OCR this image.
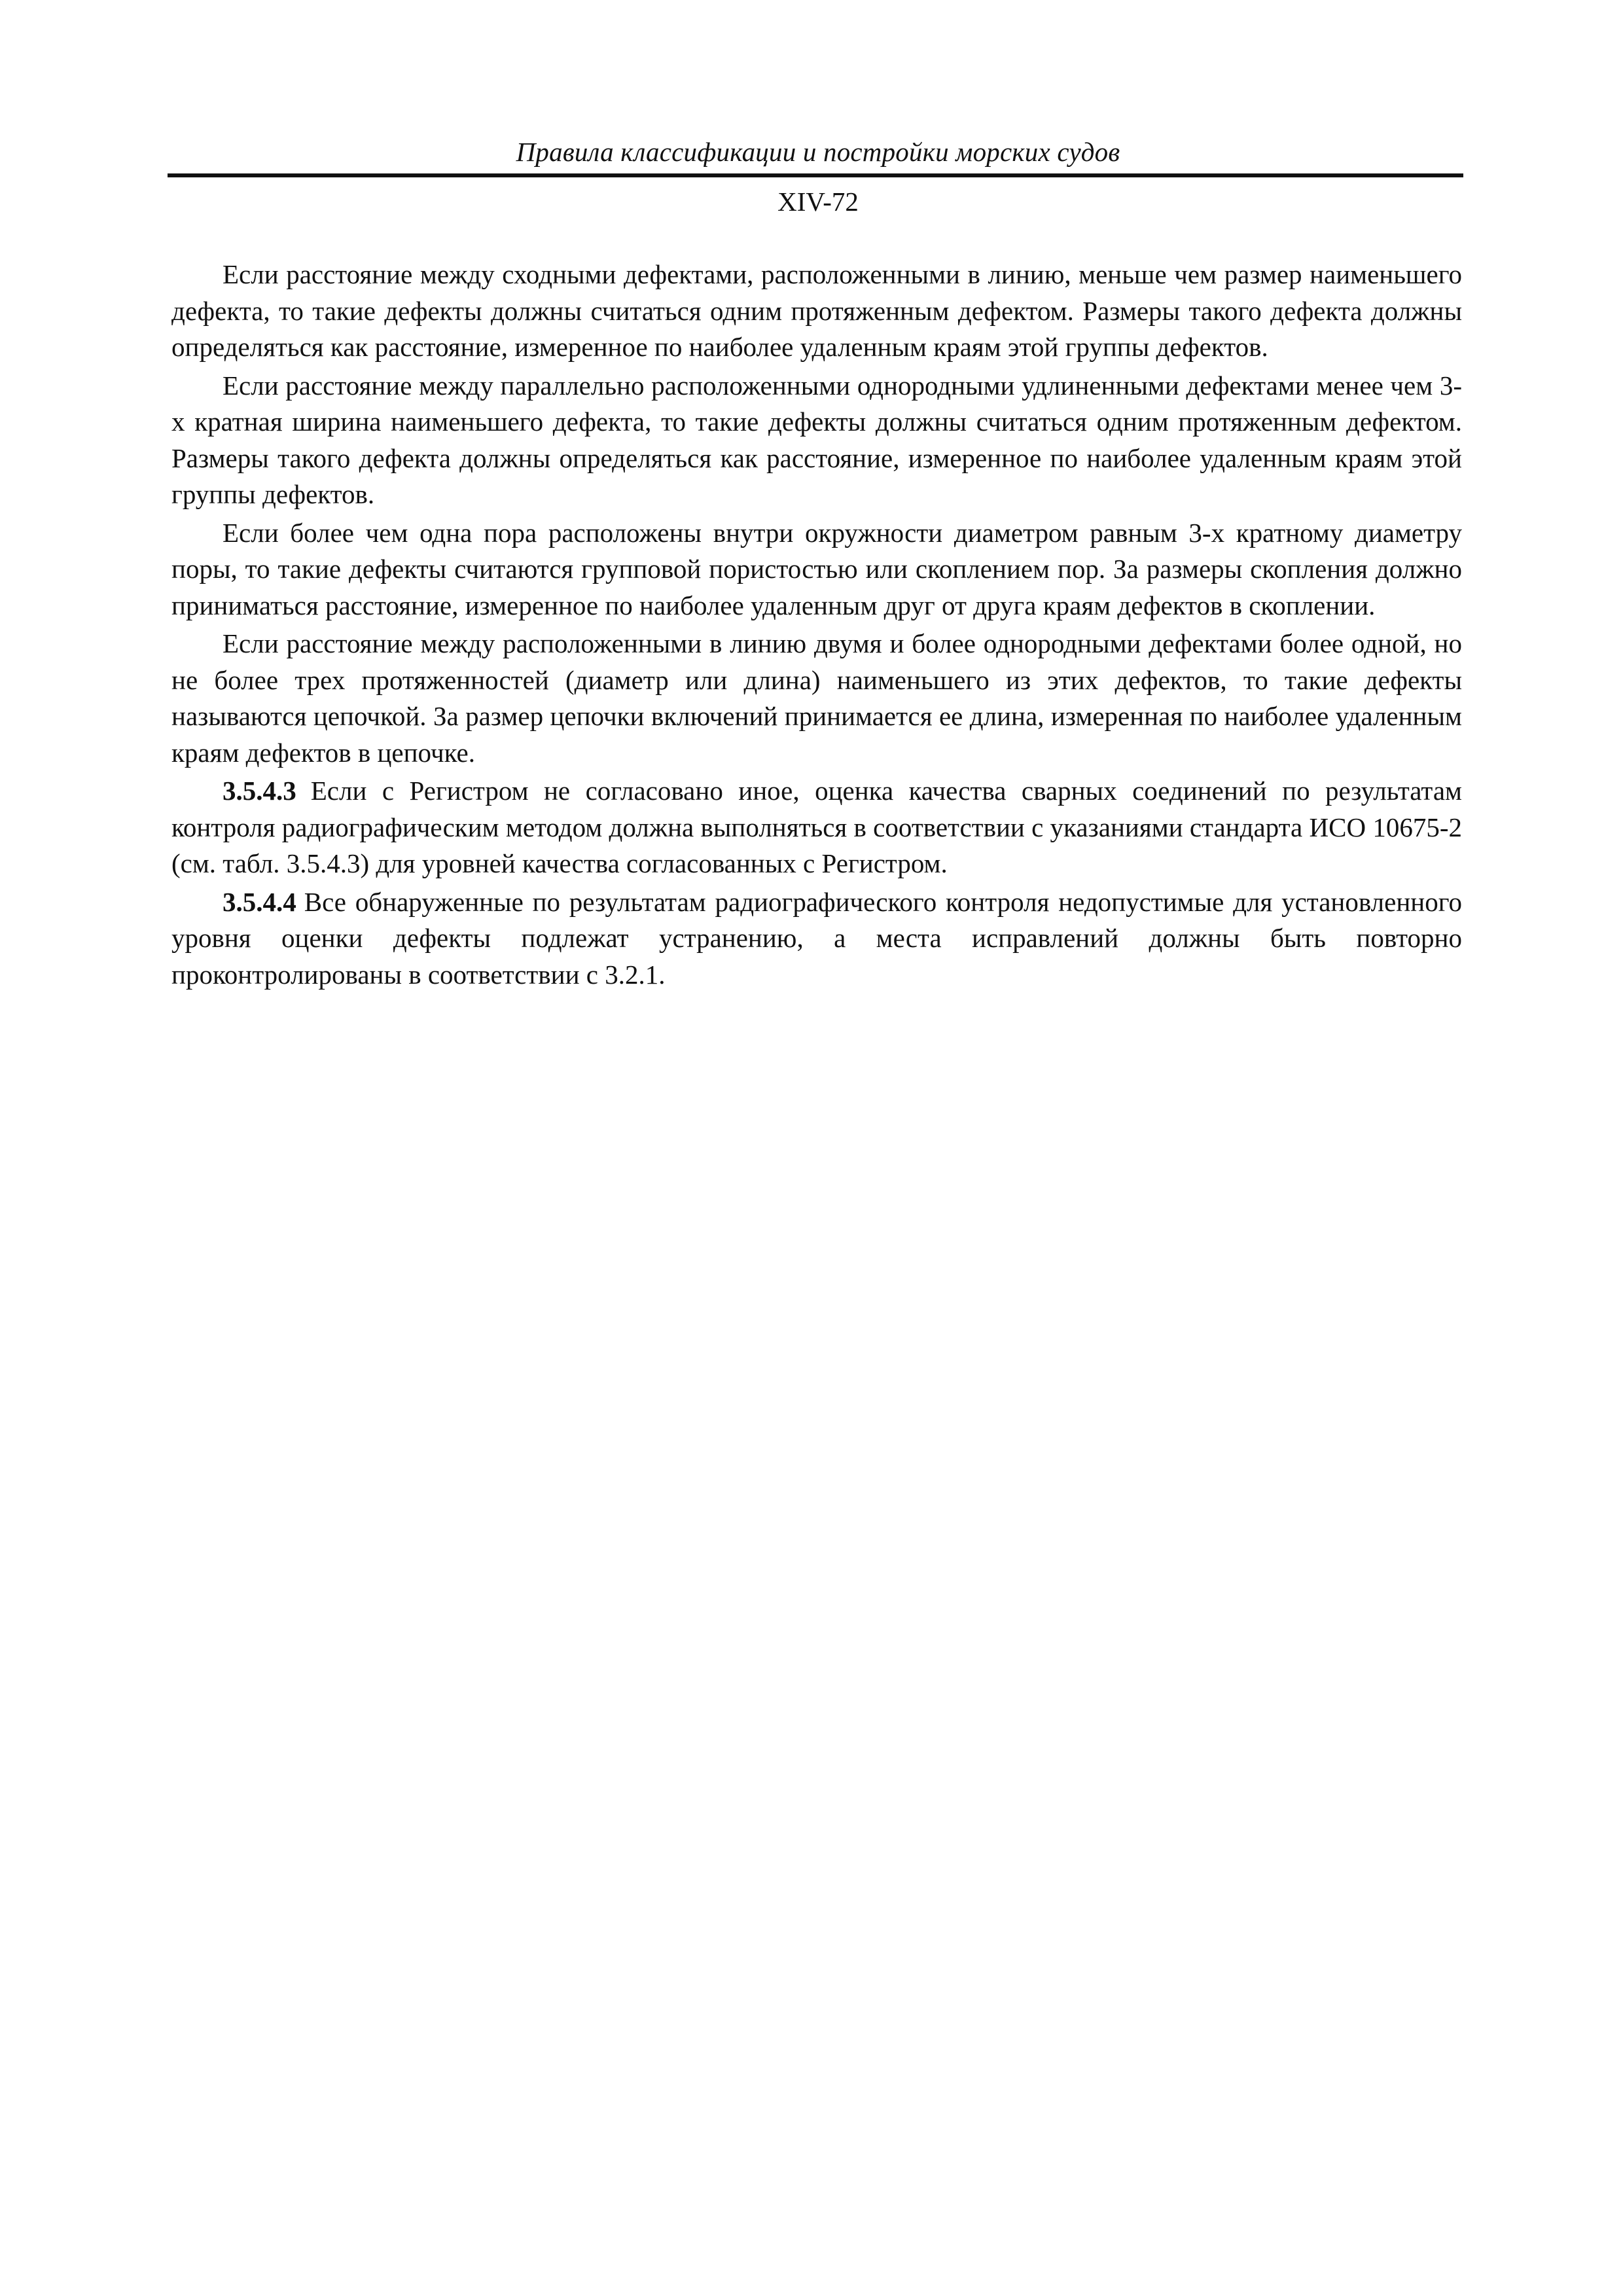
Правила классификации и постройки морских судов
XIV-72

Если расстояние между сходными дефектами, расположенными в линию, меньше чем размер наименьшего дефекта, то такие дефекты должны считаться одним протяженным дефектом. Размеры такого дефекта должны определяться как расстояние, измеренное по наиболее удаленным краям этой группы дефектов.

Если расстояние между параллельно расположенными однородными удлиненными дефектами менее чем 3-х кратная ширина наименьшего дефекта, то такие дефекты должны считаться одним протяженным дефектом. Размеры такого дефекта должны определяться как расстояние, измеренное по наиболее удаленным краям этой группы дефектов.

Если более чем одна пора расположены внутри окружности диаметром равным 3-х кратному диаметру поры, то такие дефекты считаются групповой пористостью или скоплением пор. За размеры скопления должно приниматься расстояние, измеренное по наиболее удаленным друг от друга краям дефектов в скоплении.

Если расстояние между расположенными в линию двумя и более однородными дефектами более одной, но не более трех протяженностей (диаметр или длина) наименьшего из этих дефектов, то такие дефекты называются цепочкой. За размер цепочки включений принимается ее длина, измеренная по наиболее удаленным краям дефектов в цепочке.

3.5.4.3 Если с Регистром не согласовано иное, оценка качества сварных соединений по результатам контроля радиографическим методом должна выполняться в соответствии с указаниями стандарта ИСО 10675-2 (см. табл. 3.5.4.3) для уровней качества согласованных с Регистром.

3.5.4.4 Все обнаруженные по результатам радиографического контроля недопустимые для установленного уровня оценки дефекты подлежат устранению, а места исправлений должны быть повторно проконтролированы в соответствии с 3.2.1.
